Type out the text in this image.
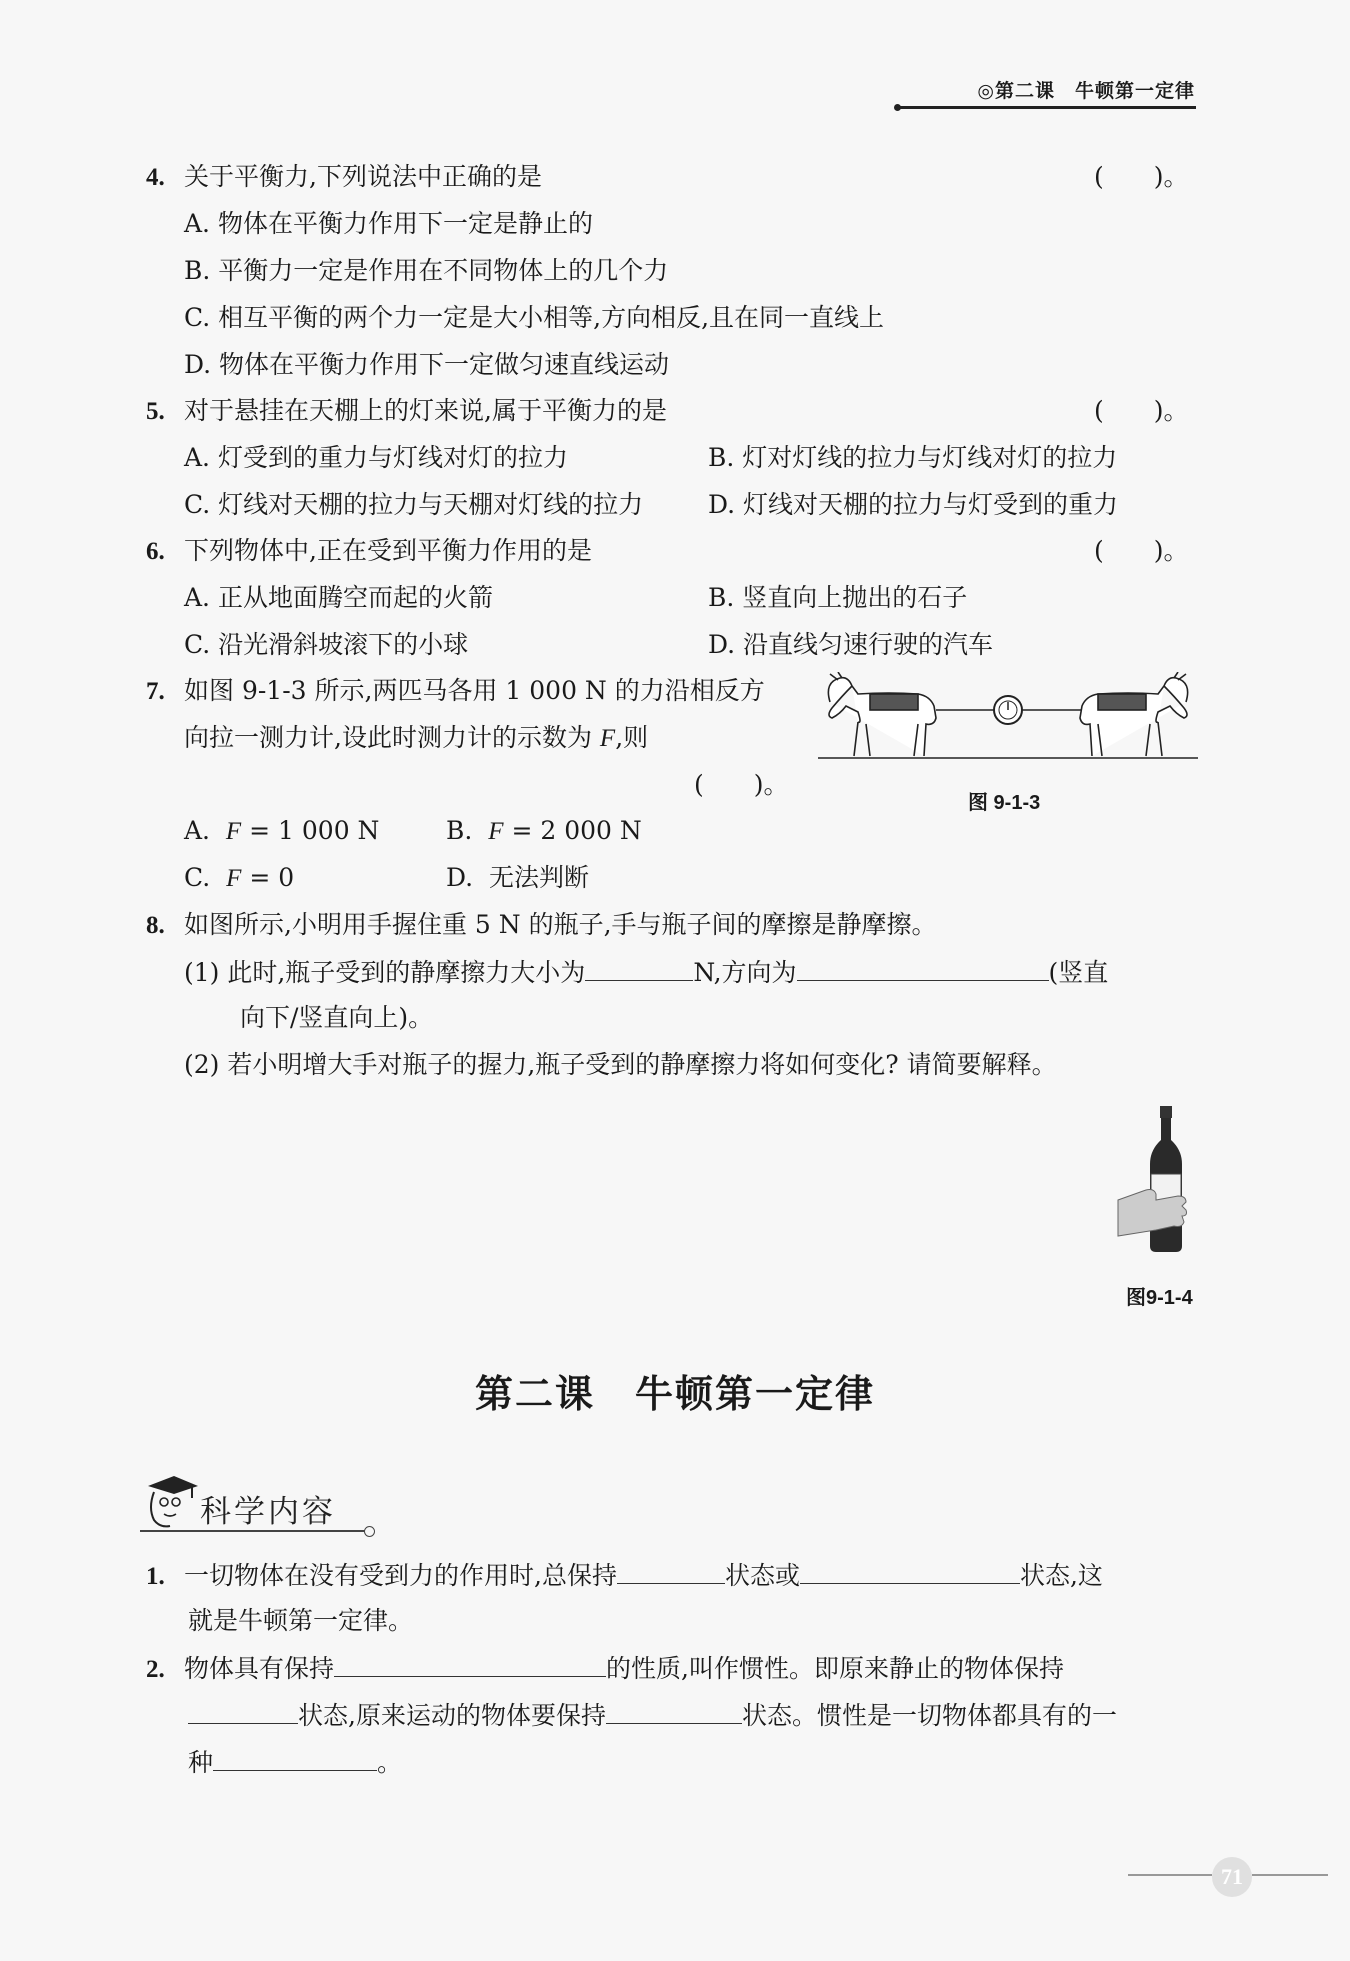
◎第二课　牛顿第一定律
4. 关于平衡力,下列说法中正确的是	(　　)。
A. 物体在平衡力作用下一定是静止的
B. 平衡力一定是作用在不同物体上的几个力
C. 相互平衡的两个力一定是大小相等,方向相反,且在同一直线上
D. 物体在平衡力作用下一定做匀速直线运动
5. 对于悬挂在天棚上的灯来说,属于平衡力的是	(　　)。
A. 灯受到的重力与灯线对灯的拉力	B. 灯对灯线的拉力与灯线对灯的拉力
C. 灯线对天棚的拉力与天棚对灯线的拉力	D. 灯线对天棚的拉力与灯受到的重力
6. 下列物体中,正在受到平衡力作用的是	(　　)。
A. 正从地面腾空而起的火箭	B. 竖直向上抛出的石子
C. 沿光滑斜坡滚下的小球	D. 沿直线匀速行驶的汽车
7. 如图 9-1-3 所示,两匹马各用 1 000 N 的力沿相反方
向拉一测力计,设此时测力计的示数为 F,则
(　　)。
图 9-1-3
A. F = 1 000 N	B. F = 2 000 N
C. F = 0	D. 无法判断
8. 如图所示,小明用手握住重 5 N 的瓶子,手与瓶子间的摩擦是静摩擦。
(1) 此时,瓶子受到的静摩擦力大小为	N,方向为	(竖直
向下/竖直向上)。
(2) 若小明增大手对瓶子的握力,瓶子受到的静摩擦力将如何变化? 请简要解释。
图9-1-4
第二课　牛顿第一定律
科学内容
1. 一切物体在没有受到力的作用时,总保持	状态或	状态,这
就是牛顿第一定律。
2. 物体具有保持	的性质,叫作惯性。即原来静止的物体保持
状态,原来运动的物体要保持	状态。惯性是一切物体都具有的一
种	。
71
